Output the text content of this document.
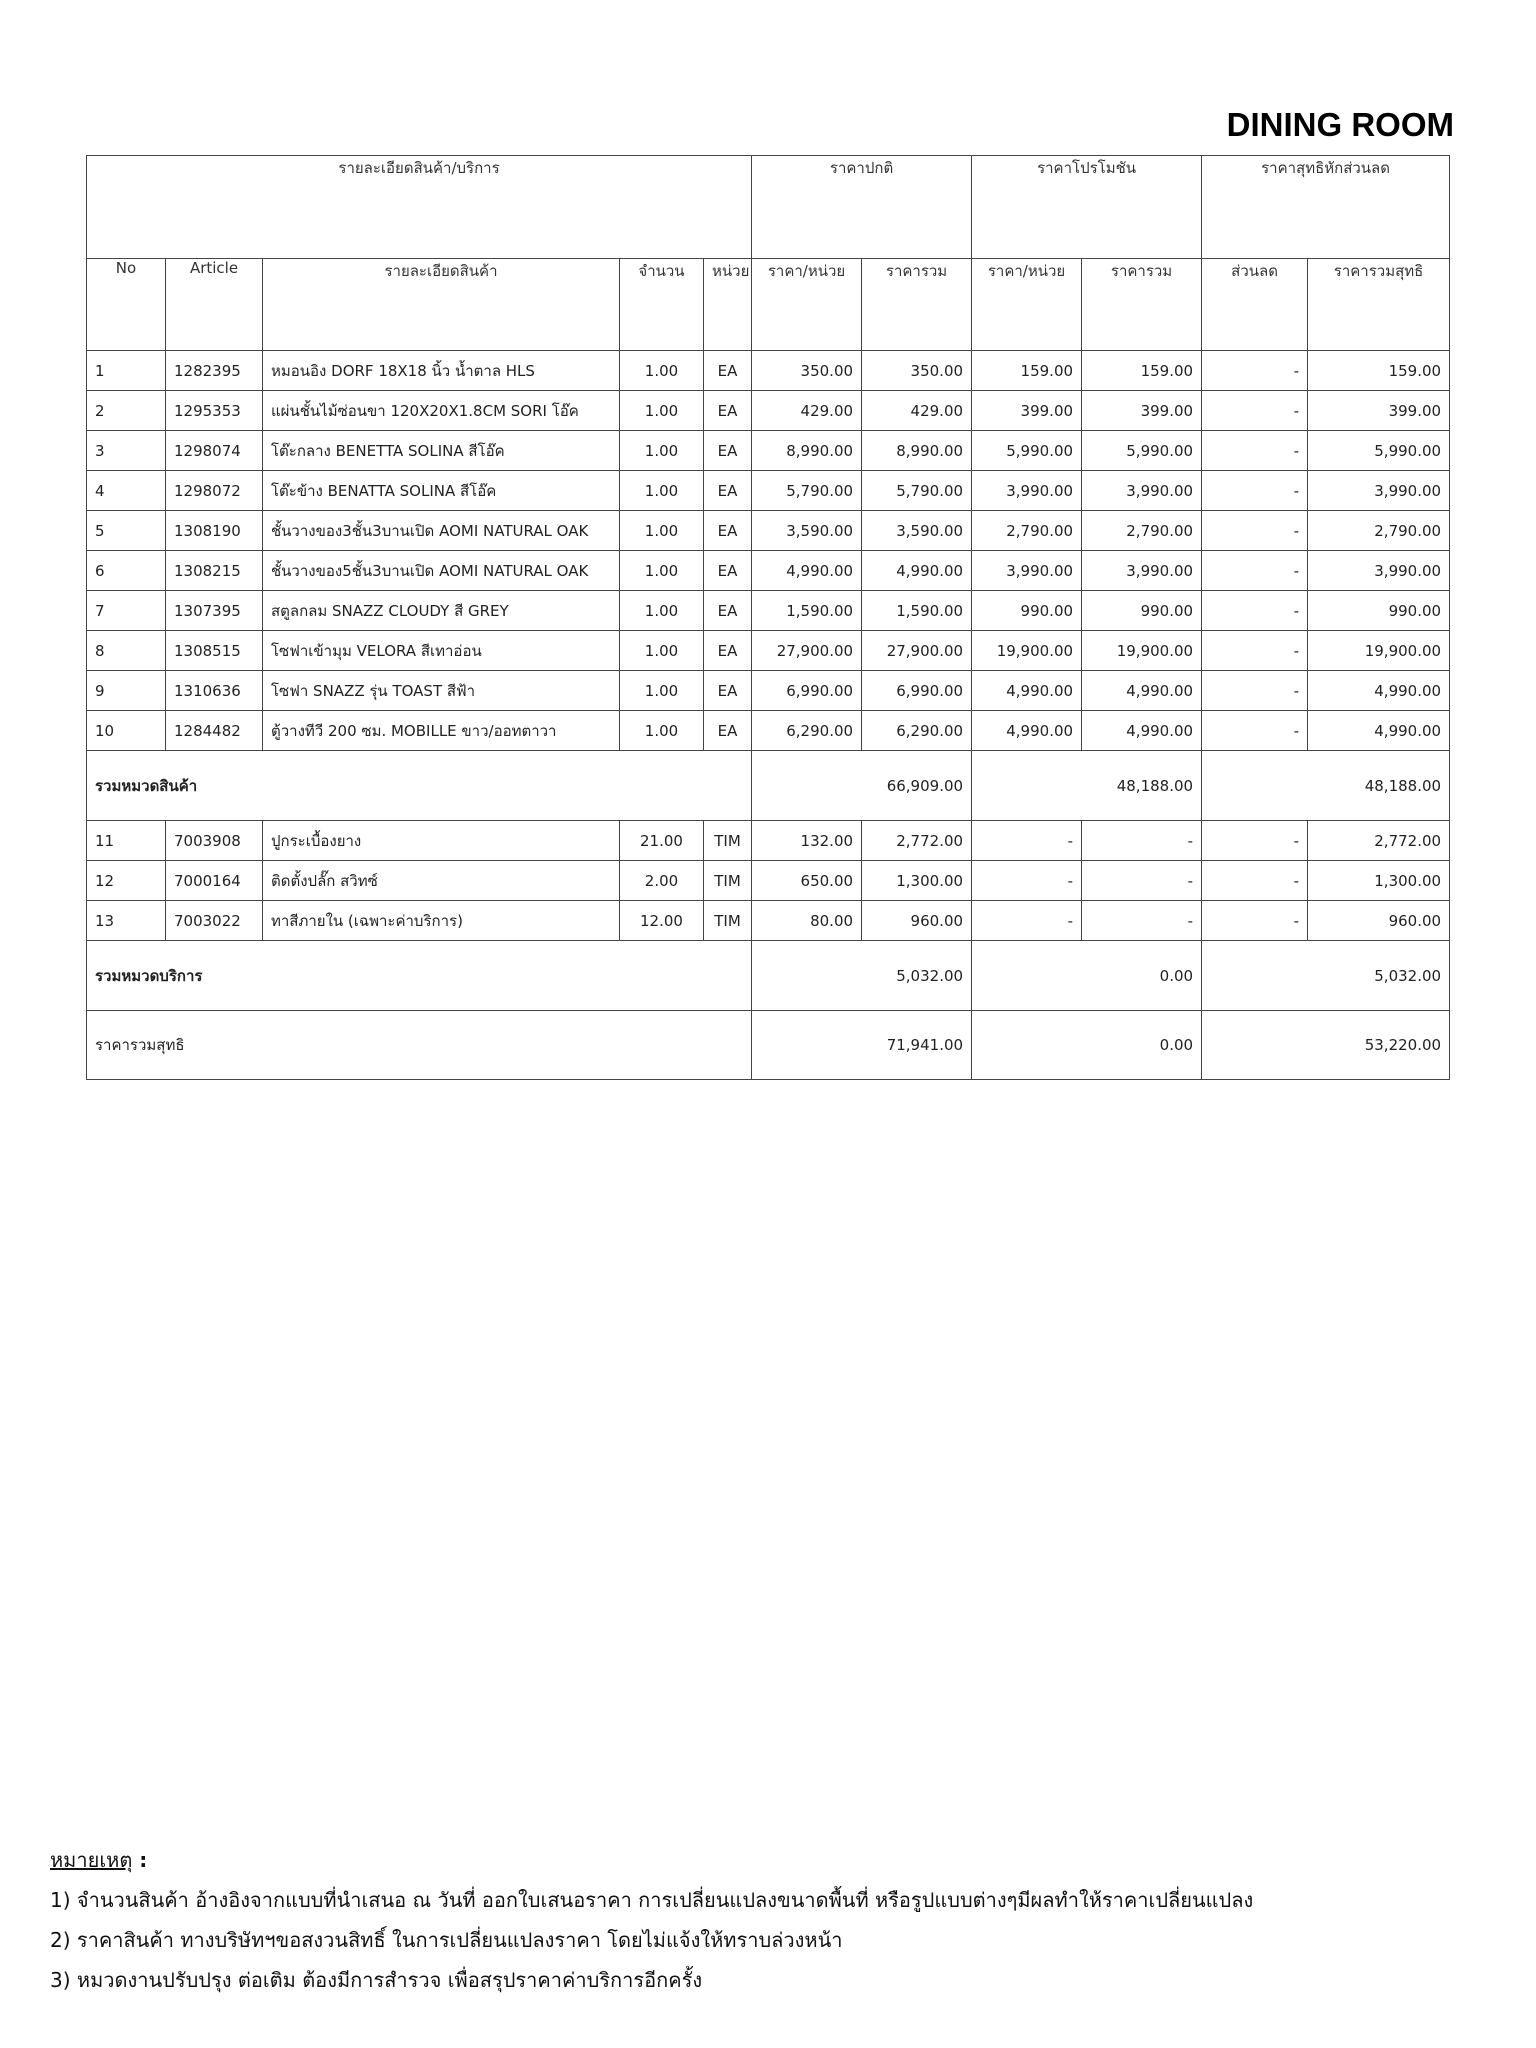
DINING ROOM
รายละเอียดสินค้า/บริการ					ราคาปกติ		ราคาโปรโมชัน		ราคาสุทธิหักส่วนลด	
No	Article	รายละเอียดสินค้า	จำนวน	หน่วย	ราคา/หน่วย	ราคารวม	ราคา/หน่วย	ราคารวม	ส่วนลด	ราคารวมสุทธิ
1	1282395	หมอนอิง DORF 18X18 นิ้ว น้ำตาล HLS	1.00	EA	350.00	350.00	159.00	159.00	-	159.00
2	1295353	แผ่นชั้นไม้ซ่อนขา 120X20X1.8CM SORI โอ๊ค	1.00	EA	429.00	429.00	399.00	399.00	-	399.00
3	1298074	โต๊ะกลาง BENETTA SOLINA สีโอ๊ค	1.00	EA	8,990.00	8,990.00	5,990.00	5,990.00	-	5,990.00
4	1298072	โต๊ะข้าง BENATTA SOLINA สีโอ๊ค	1.00	EA	5,790.00	5,790.00	3,990.00	3,990.00	-	3,990.00
5	1308190	ชั้นวางของ3ชั้น3บานเปิด AOMI NATURAL OAK	1.00	EA	3,590.00	3,590.00	2,790.00	2,790.00	-	2,790.00
6	1308215	ชั้นวางของ5ชั้น3บานเปิด AOMI NATURAL OAK	1.00	EA	4,990.00	4,990.00	3,990.00	3,990.00	-	3,990.00
7	1307395	สตูลกลม SNAZZ CLOUDY สี GREY	1.00	EA	1,590.00	1,590.00	990.00	990.00	-	990.00
8	1308515	โซฟาเข้ามุม VELORA สีเทาอ่อน	1.00	EA	27,900.00	27,900.00	19,900.00	19,900.00	-	19,900.00
9	1310636	โซฟา SNAZZ รุ่น TOAST สีฟ้า	1.00	EA	6,990.00	6,990.00	4,990.00	4,990.00	-	4,990.00
10	1284482	ตู้วางทีวี 200 ซม. MOBILLE ขาว/ออทตาวา	1.00	EA	6,290.00	6,290.00	4,990.00	4,990.00	-	4,990.00
รวมหมวดสินค้า					66,909.00		48,188.00		48,188.00	
11	7003908	ปูกระเบื้องยาง	21.00	TIM	132.00	2,772.00	-	-	-	2,772.00
12	7000164	ติดตั้งปลั๊ก สวิทซ์	2.00	TIM	650.00	1,300.00	-	-	-	1,300.00
13	7003022	ทาสีภายใน (เฉพาะค่าบริการ)	12.00	TIM	80.00	960.00	-	-	-	960.00
รวมหมวดบริการ					5,032.00		0.00		5,032.00	
ราคารวมสุทธิ					71,941.00		0.00		53,220.00	
หมายเหตุ :
1) จำนวนสินค้า อ้างอิงจากแบบที่นำเสนอ ณ วันที่ ออกใบเสนอราคา การเปลี่ยนแปลงขนาดพื้นที่ หรือรูปแบบต่างๆมีผลทำให้ราคาเปลี่ยนแปลง
2) ราคาสินค้า ทางบริษัทฯขอสงวนสิทธิ์ ในการเปลี่ยนแปลงราคา โดยไม่แจ้งให้ทราบล่วงหน้า
3) หมวดงานปรับปรุง ต่อเติม ต้องมีการสำรวจ เพื่อสรุปราคาค่าบริการอีกครั้ง
